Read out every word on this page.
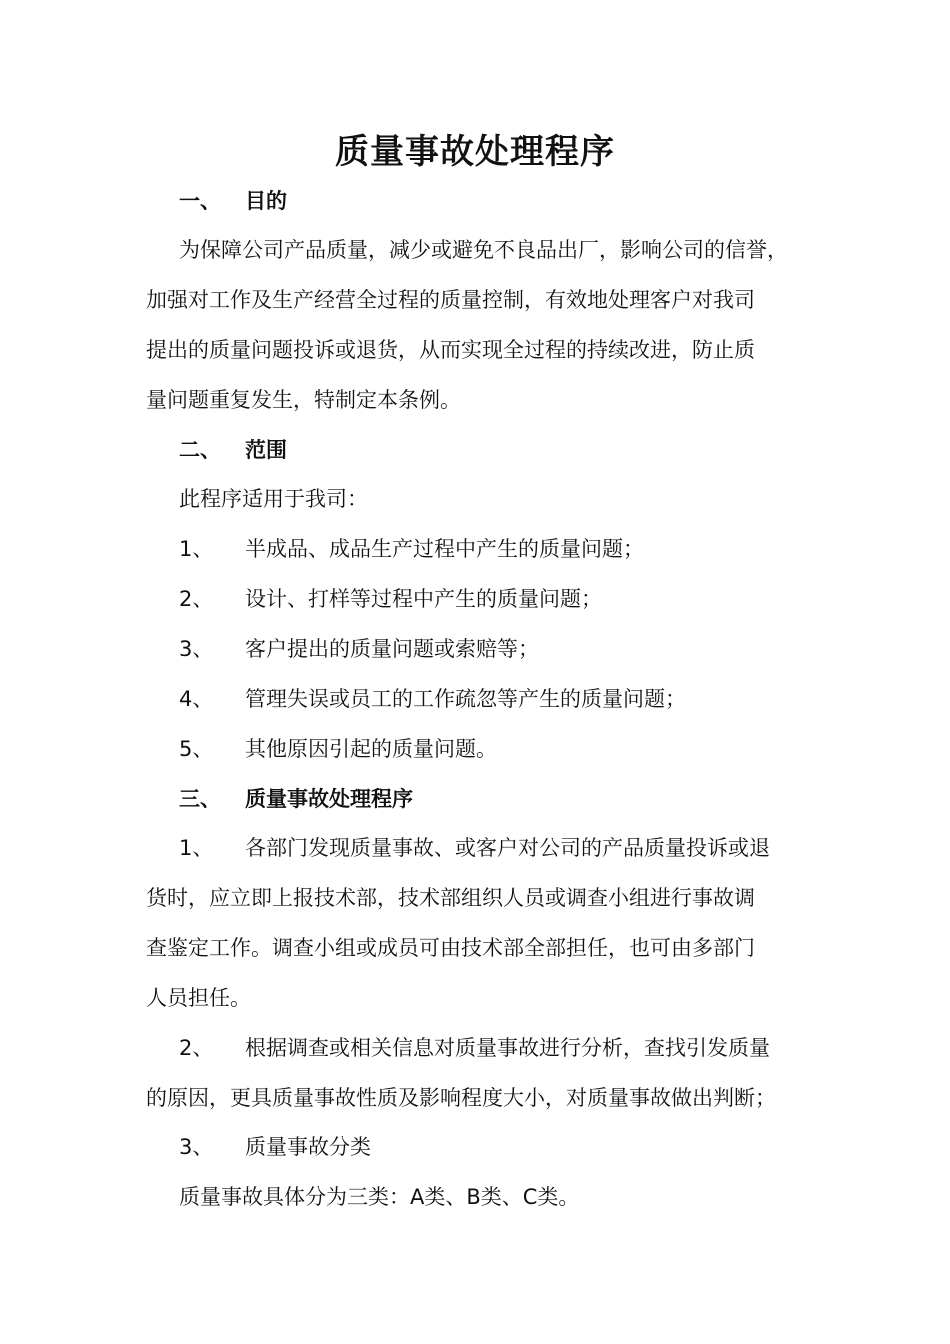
质量事故处理程序
一、 目的
为保障公司产品质量，减少或避免不良品出厂，影响公司的信誉，
加强对工作及生产经营全过程的质量控制，有效地处理客户对我司
提出的质量问题投诉或退货，从而实现全过程的持续改进，防止质
量问题重复发生，特制定本条例。
二、 范围
此程序适用于我司：
1、 半成品、成品生产过程中产生的质量问题；
2、 设计、打样等过程中产生的质量问题；
3、 客户提出的质量问题或索赔等；
4、 管理失误或员工的工作疏忽等产生的质量问题；
5、 其他原因引起的质量问题。
三、 质量事故处理程序
1、 各部门发现质量事故、或客户对公司的产品质量投诉或退
货时，应立即上报技术部，技术部组织人员或调查小组进行事故调
查鉴定工作。调查小组或成员可由技术部全部担任，也可由多部门
人员担任。
2、 根据调查或相关信息对质量事故进行分析，查找引发质量
的原因，更具质量事故性质及影响程度大小，对质量事故做出判断；
3、 质量事故分类
质量事故具体分为三类：A类、B类、C类。
